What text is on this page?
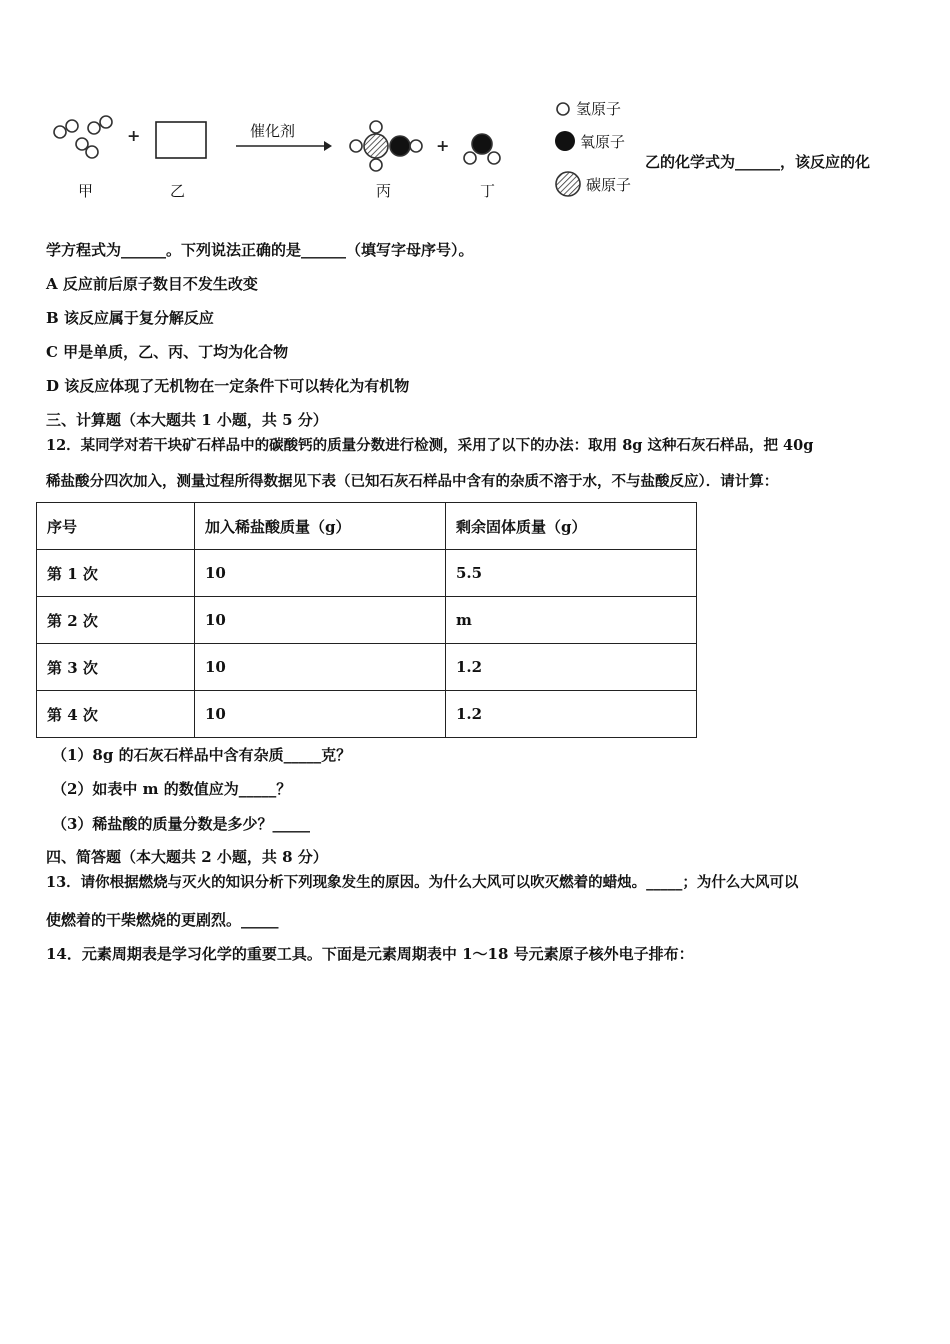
+
+
催化剂
甲	乙	丙	丁
氢原子
氧原子
碳原子
乙的化学式为______，该反应的化
学方程式为______。下列说法正确的是______（填写字母序号）。
A 反应前后原子数目不发生改变
B 该反应属于复分解反应
C 甲是单质，乙、丙、丁均为化合物
D 该反应体现了无机物在一定条件下可以转化为有机物
三、计算题（本大题共 1 小题，共 5 分）
12．某同学对若干块矿石样品中的碳酸钙的质量分数进行检测，采用了以下的办法：取用 8g 这种石灰石样品，把 40g
稀盐酸分四次加入，测量过程所得数据见下表（已知石灰石样品中含有的杂质不溶于水，不与盐酸反应）．请计算：
序号	加入稀盐酸质量（g）	剩余固体质量（g）
第 1 次	10	5.5
第 2 次	10	m
第 3 次	10	1.2
第 4 次	10	1.2
（1）8g 的石灰石样品中含有杂质_____克？
（2）如表中 m 的数值应为_____？
（3）稀盐酸的质量分数是多少？_____
四、简答题（本大题共 2 小题，共 8 分）
13．请你根据燃烧与灭火的知识分析下列现象发生的原因。为什么大风可以吹灭燃着的蜡烛。_____；为什么大风可以
使燃着的干柴燃烧的更剧烈。_____
14．元素周期表是学习化学的重要工具。下面是元素周期表中 1～18 号元素原子核外电子排布：
